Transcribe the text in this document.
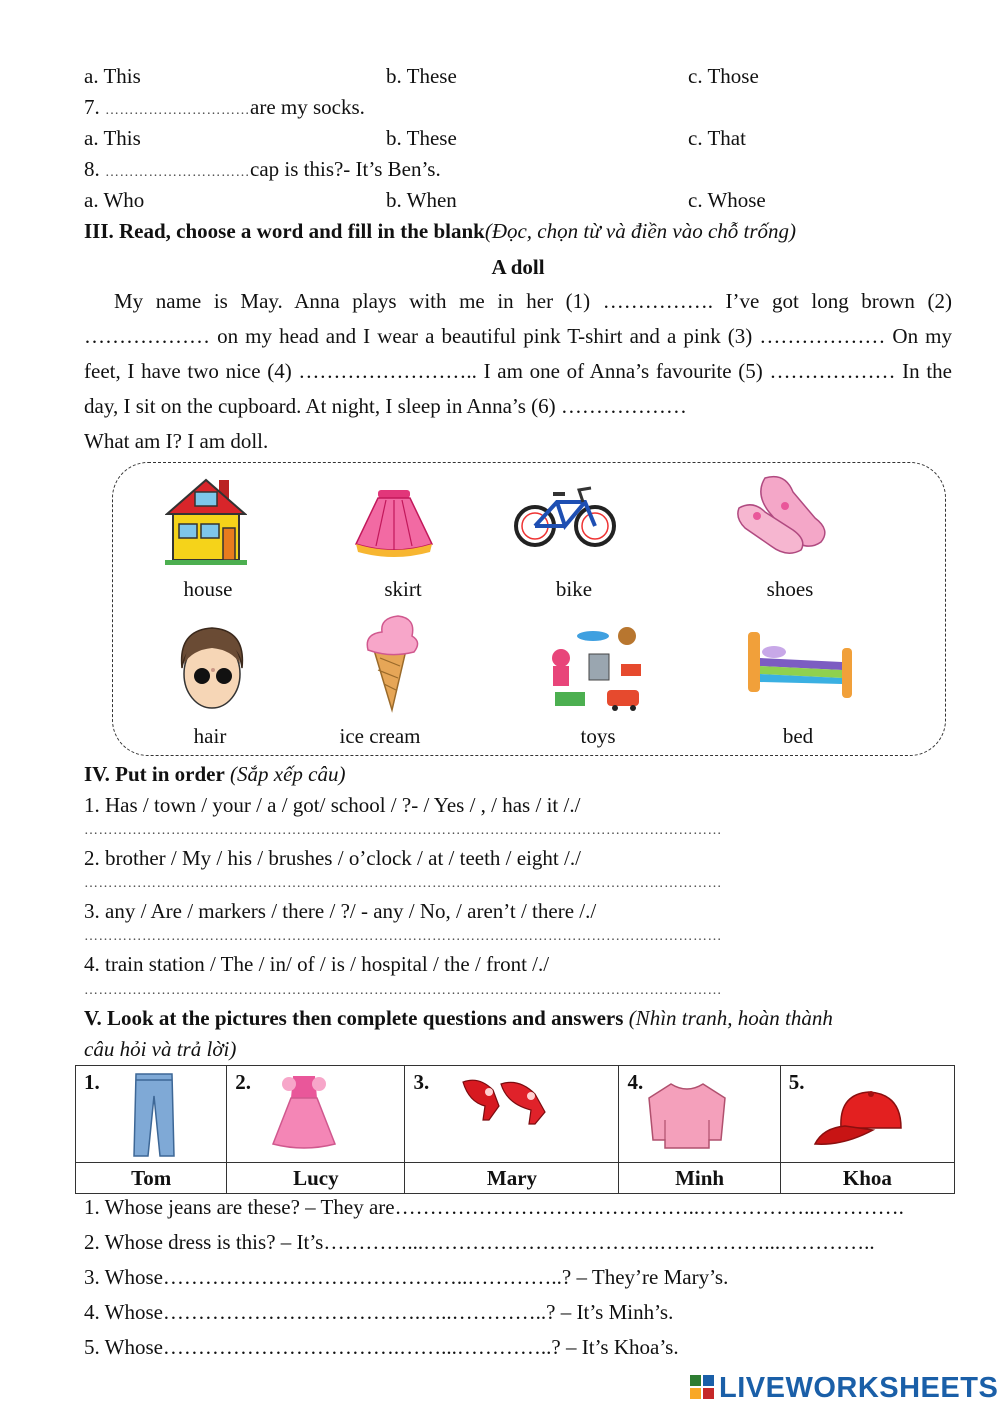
a. This	b. These	c. Those
7. …………………………are my socks.
a. This	b. These	c. That
8. …………………………cap is this?- It’s Ben’s.
a. Who	b. When	c. Whose
III. Read, choose a word and fill in the blank(Đọc, chọn từ và điền vào chỗ trống)
A doll
My name is May. Anna plays with me in her (1) ……………. I’ve got long brown (2)
……………… on my head and I wear a beautiful pink T-shirt and a pink (3) ……………… On my
feet, I have two nice (4) …………………….. I am one of Anna’s favourite (5) ……………… In the
day, I sit on the cupboard. At night, I sleep in Anna’s (6) ………………
What am I? I am doll.
house	skirt	bike	shoes
hair	ice cream	toys	bed
IV. Put in order (Sắp xếp câu)
1. Has / town / your / a / got/ school / ?- / Yes / , / has / it /./
……………………………………………………………………………………………………………………
2. brother / My / his / brushes / o’clock / at / teeth / eight /./
……………………………………………………………………………………………………………………
3. any / Are / markers / there / ?/ - any / No, / aren’t / there /./
……………………………………………………………………………………………………………………
4. train station / The / in/ of / is / hospital / the / front /./
……………………………………………………………………………………………………………………
V. Look at the pictures then complete questions and answers (Nhìn tranh, hoàn thành
câu hỏi và trả lời)
1.	2.	3.	4.	5.

Tom	Lucy	Mary	Minh	Khoa
1. Whose jeans are these? – They are……………………………………..……………..………….
2. Whose dress is this? – It’s…………...…………………………….……………...…………..
3. Whose……………………………………..…………..? – They’re Mary’s.
4. Whose……………………………….…..…………..? – It’s Minh’s.
5. Whose…………………………….……...…………..? – It’s Khoa’s.
LIVEWORKSHEETS
